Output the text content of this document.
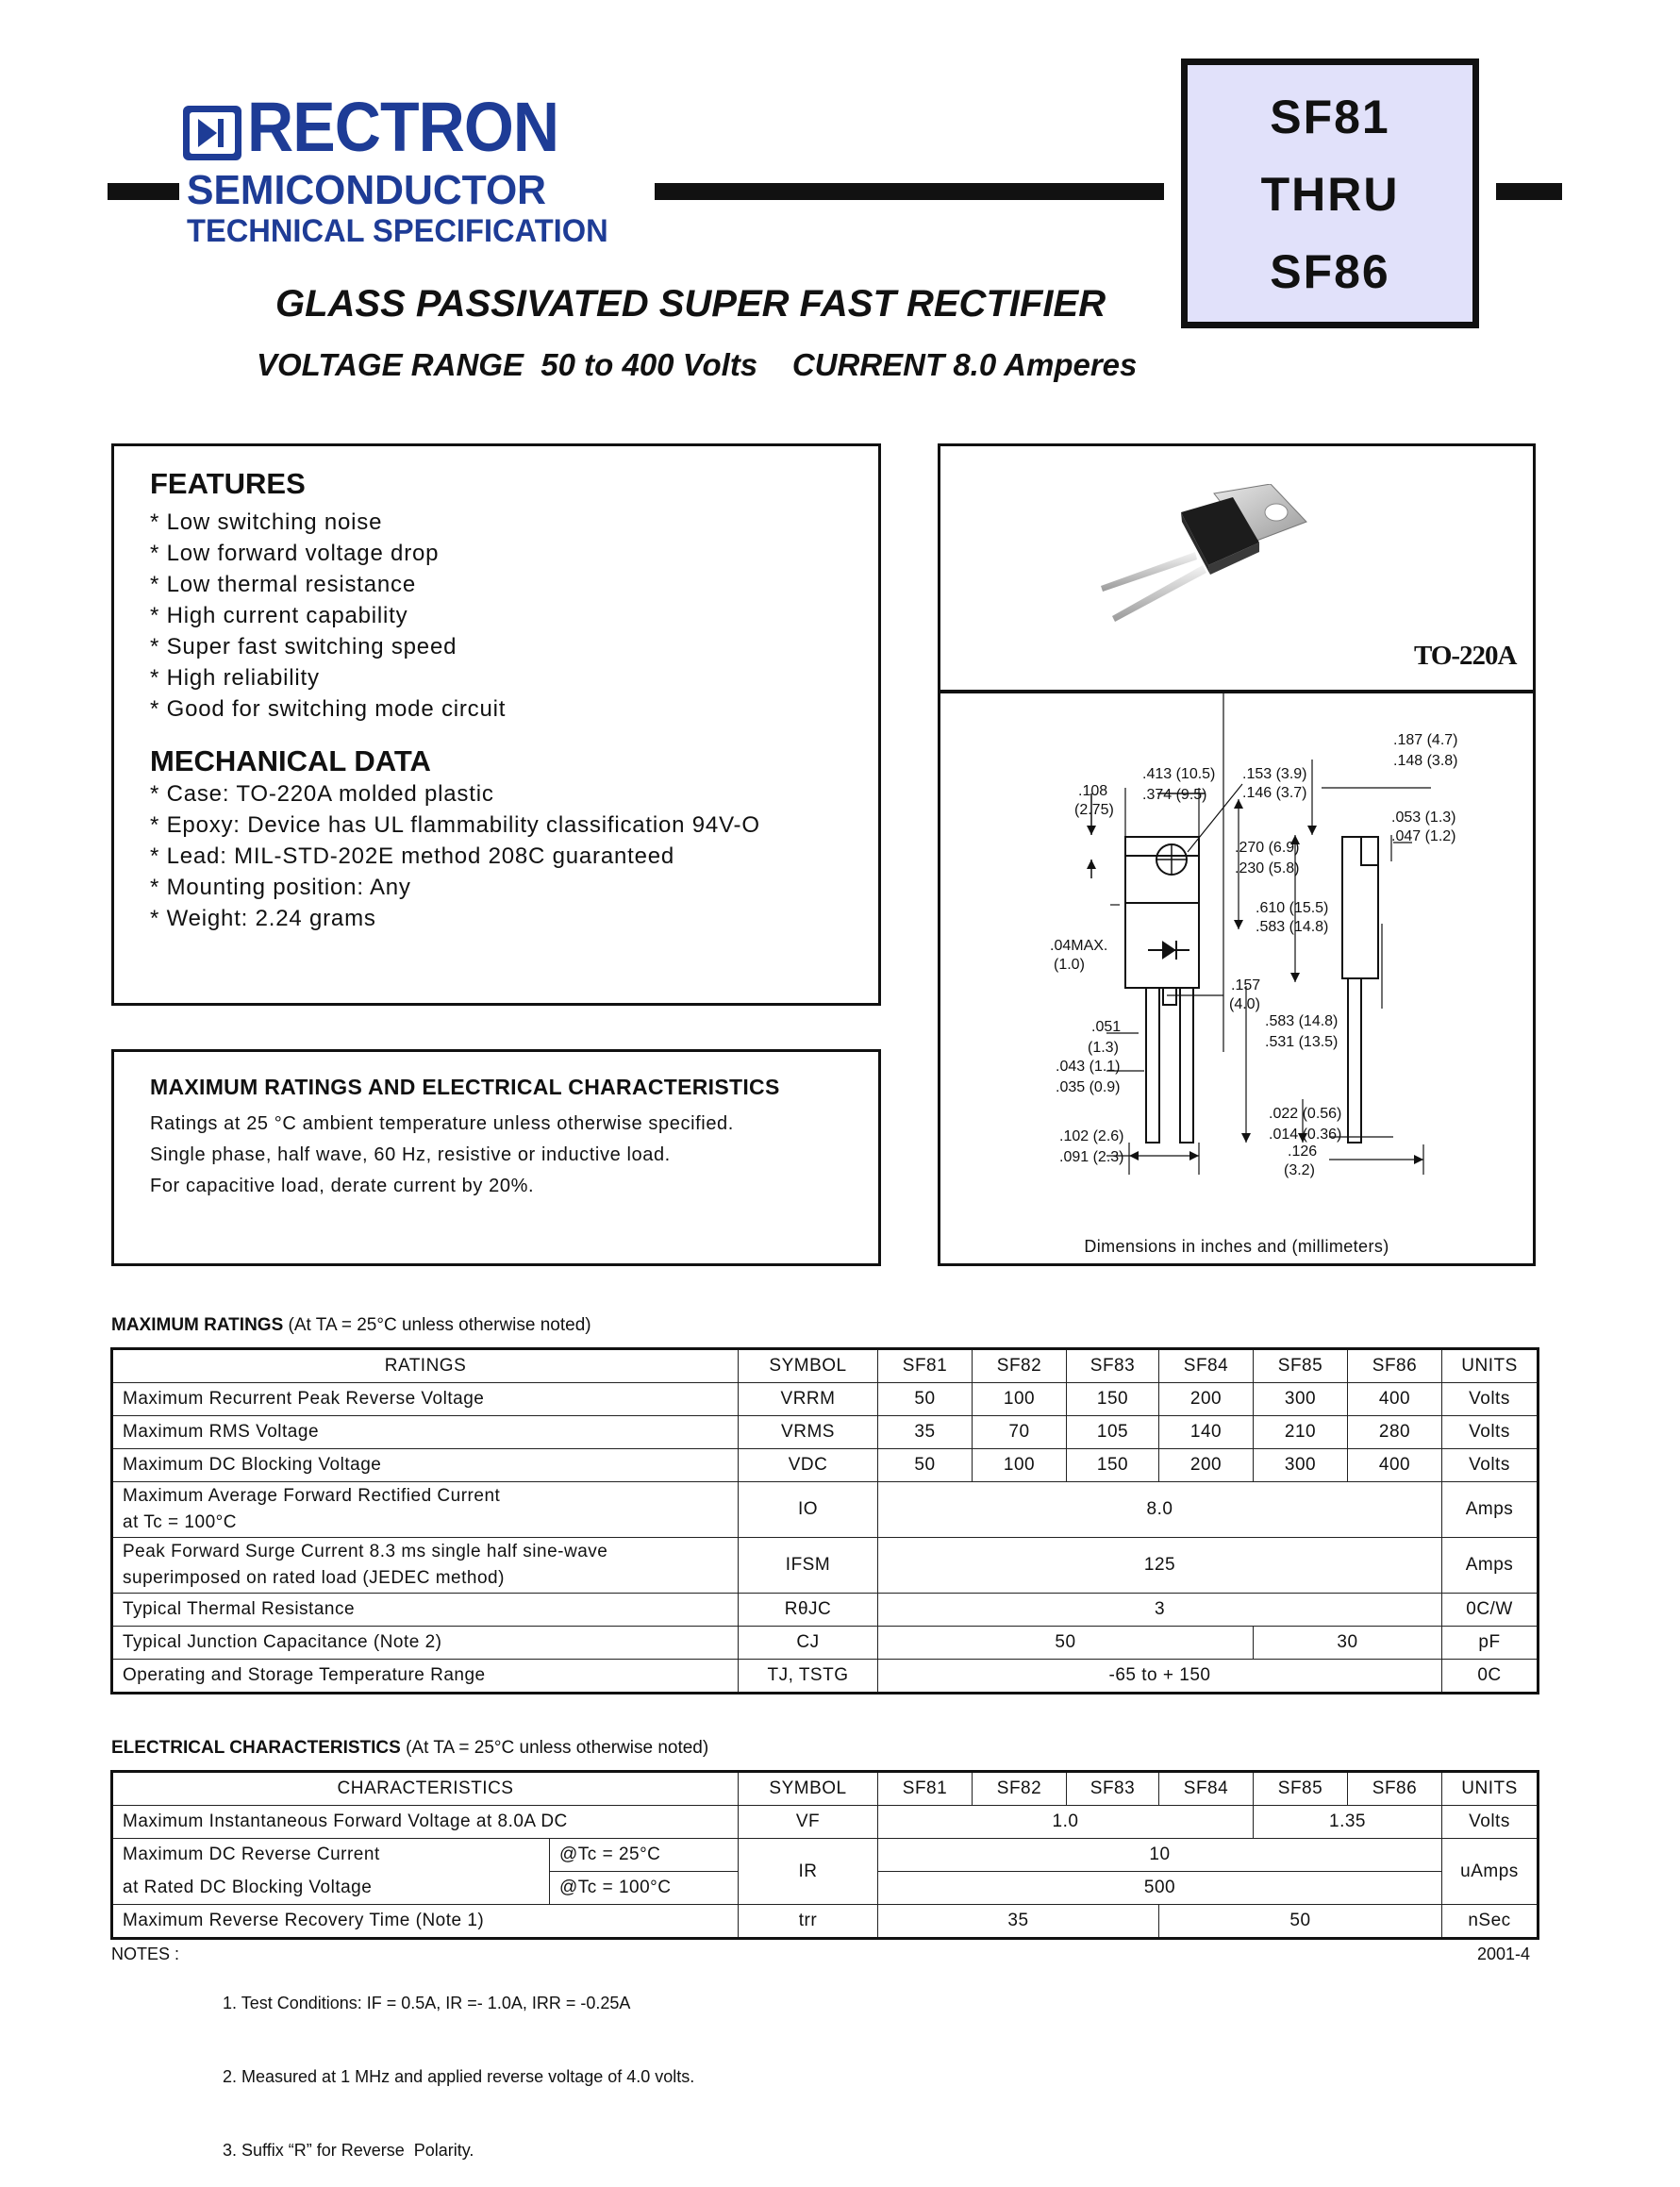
RECTRON
SEMICONDUCTOR
TECHNICAL SPECIFICATION
SF81
THRU
SF86
GLASS PASSIVATED SUPER FAST RECTIFIER
VOLTAGE RANGE  50 to 400 Volts    CURRENT 8.0 Amperes
FEATURES
* Low switching noise
* Low forward voltage drop
* Low thermal resistance
* High current capability
* Super fast switching speed
* High reliability
* Good for switching mode circuit
MECHANICAL DATA
* Case: TO-220A molded plastic
* Epoxy: Device has UL flammability classification 94V-O
* Lead: MIL-STD-202E method 208C guaranteed
* Mounting position: Any
* Weight: 2.24 grams
TO-220A
.187 (4.7)
.148 (3.8)
.413 (10.5)
.374 (9.5)
.153 (3.9)
.146 (3.7)
.108
(2.75)	.053 (1.3)
.047 (1.2)
.270 (6.9)
.230 (5.8)
.610 (15.5)
.583 (14.8)
.04MAX.
(1.0)
.157
(4.0)
.583 (14.8)
.531 (13.5)
.051
(1.3)
.043 (1.1)
.035 (0.9)
.022 (0.56)
.014 (0.36)
.102 (2.6)
.091 (2.3)	.126
(3.2)
Dimensions in inches and (millimeters)
MAXIMUM RATINGS AND ELECTRICAL CHARACTERISTICS
Ratings at 25 °C ambient temperature unless otherwise specified.
Single phase, half wave, 60 Hz, resistive or inductive load.
For capacitive load, derate current by 20%.
MAXIMUM RATINGS (At TA = 25°C unless otherwise noted)
RATINGS	SYMBOL	SF81	SF82	SF83	SF84	SF85	SF86	UNITS
Maximum Recurrent Peak Reverse Voltage	VRRM	50	100	150	200	300	400	Volts
Maximum RMS Voltage	VRMS	35	70	105	140	210	280	Volts
Maximum DC Blocking Voltage	VDC	50	100	150	200	300	400	Volts

Maximum Average Forward Rectified Current
at Tc = 100°C	IO	8.0						Amps

Peak Forward Surge Current 8.3 ms single half sine-wave
superimposed on rated load (JEDEC method)	IFSM	125						Amps
Typical Thermal Resistance	RθJC	3						0C/W
Typical Junction Capacitance (Note 2)	CJ	50				30		pF
Operating and Storage Temperature Range	TJ, TSTG	-65 to + 150						0C
ELECTRICAL CHARACTERISTICS (At TA = 25°C unless otherwise noted)
CHARACTERISTICS		SYMBOL	SF81	SF82	SF83	SF84	SF85	SF86	UNITS
Maximum Instantaneous Forward Voltage at 8.0A DC		VF	1.0				1.35		Volts
Maximum DC Reverse Current	@Tc = 25°C	IR	10						uAmps
at Rated DC Blocking Voltage	@Tc = 100°C		500						
Maximum Reverse Recovery Time (Note 1)		trr	35			50			nSec
NOTES :

1. Test Conditions: IF = 0.5A, IR =- 1.0A, IRR = -0.25A

2. Measured at 1 MHz and applied reverse voltage of 4.0 volts.

3. Suffix “R” for Reverse  Polarity.

2001-4
